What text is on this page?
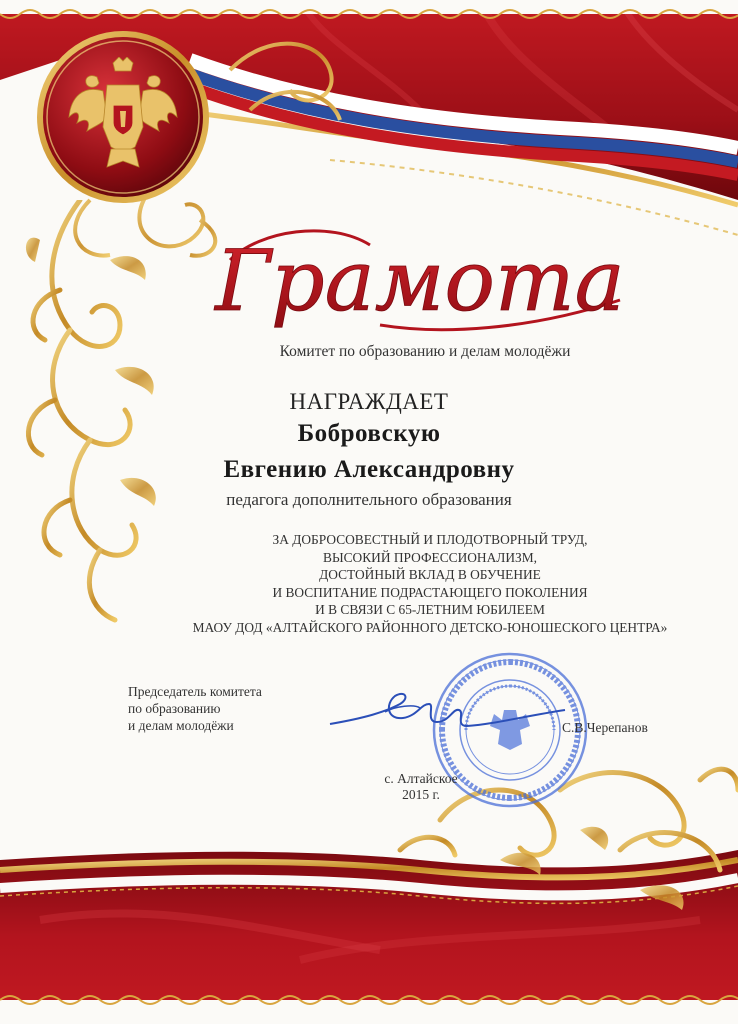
Грамота
Комитет по образованию и делам молодёжи
НАГРАЖДАЕТ
Бобровскую
Евгению Александровну
педагога дополнительного образования
ЗА ДОБРОСОВЕСТНЫЙ И ПЛОДОТВОРНЫЙ ТРУД,
ВЫСОКИЙ ПРОФЕССИОНАЛИЗМ,
ДОСТОЙНЫЙ ВКЛАД В ОБУЧЕНИЕ
И ВОСПИТАНИЕ ПОДРАСТАЮЩЕГО ПОКОЛЕНИЯ
И В СВЯЗИ С 65-ЛЕТНИМ ЮБИЛЕЕМ
МАОУ ДОД «АЛТАЙСКОГО РАЙОННОГО ДЕТСКО-ЮНОШЕСКОГО ЦЕНТРА»
Председатель комитета
по образованию
и делам молодёжи	С.В.Черепанов
с. Алтайское
2015 г.
